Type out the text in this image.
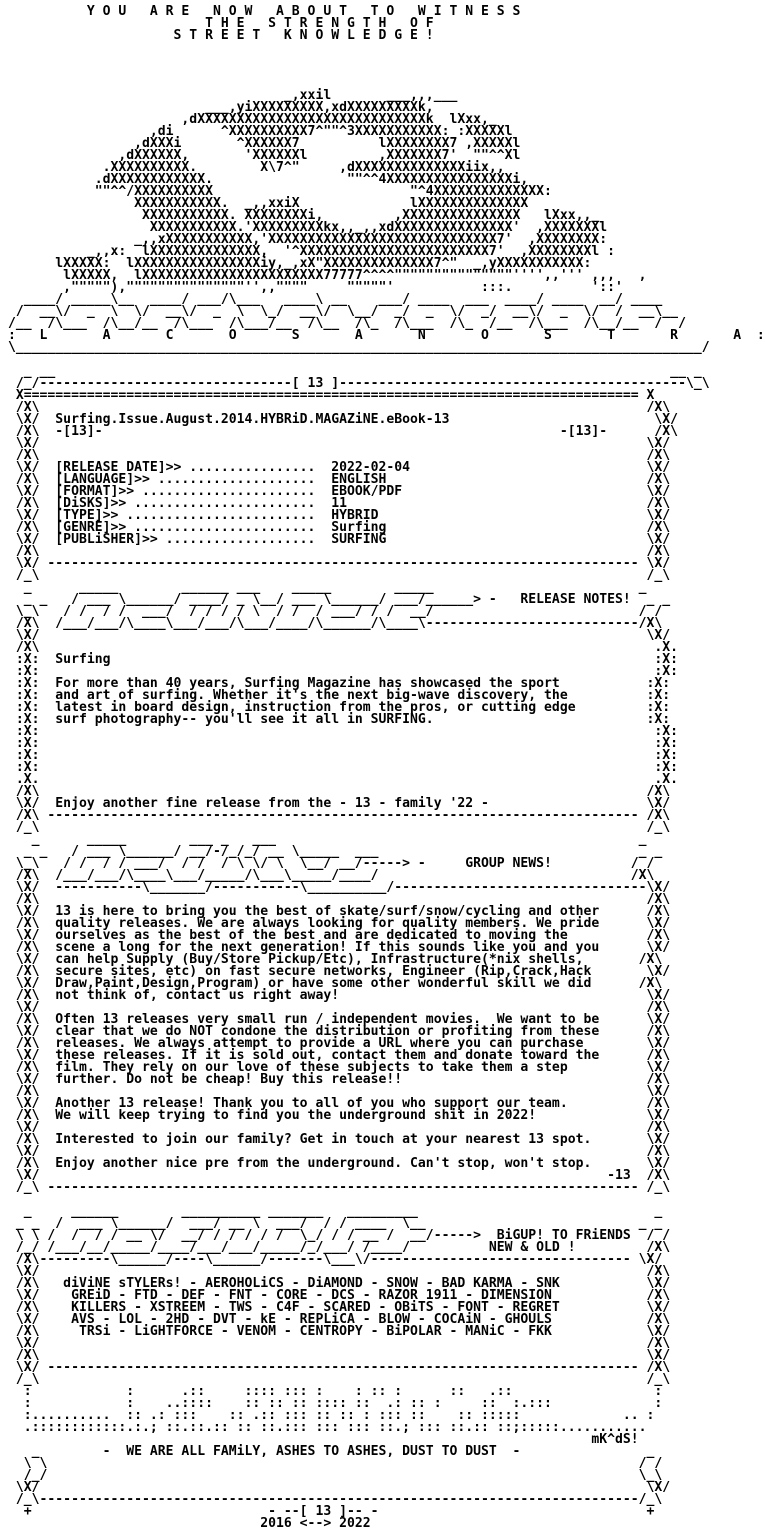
Y O U   A R E   N O W   A B O U T   T O   W I T N E S S
T H E   S T R E N G T H   O F
S T R E E T   K N O W L E D G E !

_,xxil       ___,,,___
___,yiXXXXXXXXX,xdXXXXXXXXXk,
,dXXXXXXXXXXXXXXXXXXXXXXXXXXXXXk  lXxx,_
,di      ^XXXXXXXXXX7^""^3XXXXXXXXXXX: :XXXXXl
,dXXXi       ^XXXXXX7          lXXXXXXXX7 ,XXXXXl
,dXXXXXX,       'XXXXXXl         ,XXXXXXX7'  ""^^Xl
.XXXXXXXXXX.        X\7^"     ,dXXXXXXXXXXXXXXiix,,
.dXXXXXXXXXXXX.                 ""^^4XXXXXXXXXXXXXXXXi,
""^^/XXXXXXXXXX                         "^4XXXXXXXXXXXXXX:
XXXXXXXXXXX.  _,,xxiX              lXXXXXXXXXXXXXX
XXXXXXXXXXX. XXXXXXXXi,         ,XXXXXXXXXXXXXXX   lXxx,,_
XXXXXXXXXXX.'XXXXXXXXXkx,,_,,xdXXXXXXXXXXXXXXX'  ,XXXXXXXl
_,,xXXXXXXXXXXX,'XXXXXXXXXXXXXXXXXXXXXXXXXXXXX7'  ,XXXXXXXX:
_,,x:  lXXXXXXXXXXXXXX,  '^XXXXXXXXXXXXXXXXXXXXXXXX7'  ,XXXXXXXXl :
lXXXXX:  lXXXXXXXXXXXXXXXXiy,_,xX"XXXXXXXXXXXXXX7^"  _,yXXXXXXXXXXX:
lXXXXX,  lXXXXXXXXXXXXXXXXXXXXXXX77777^^^^"""""""""""""""'''',,''' ,,,   ,
,"""""),"""""""""""""""'',,""""     """""'           :::.          '::'
____/ _____\__  ____/ ___/\___   ____\ __    ___/ ____  ___  ____/ ____  __/ ____
/  __\/  _  \  \/  __\/  _  \  \_/  __\/  \__/  _/  _  \/  _/  __\/  _  \/  /  __\__
/__  /\___  /\__/__  /\___  /\___/__  /\__  /\_  /\___  /\_  /__  /\___  /\__/__  /  /
:   L       A       C       O       S       A       N       O       S       T       R       A  :
\_______________________________________________________________________________________/

_ __                                                                              __ _
/_/--------------------------------[ 13 ]--------------------------------------------\_\
X============================================================================== X
/X\                                                                             /X\
\X/  Surfing.Issue.August.2014.HYBRiD.MAGAZiNE.eBook-13                          \X/
/X\  -[13]-                                                          -[13]-      /X\
\X/                                                                             \X/
/X\                                                                             /X\
\X/  [RELEASE DATE]>> ................  2022-02-04                              \X/
/X\  [LANGUAGE]>> ....................  ENGLISH                                 /X\
\X/  [FORMAT]>> ......................  EBOOK/PDF                               \X/
/X\  [DiSKS]>> .......................  11                                      /X\
\X/  [TYPE]>> ........................  HYBRID                                  \X/
/X\  [GENRE]>> .......................  Surfing                                 /X\
\X/  [PUBLiSHER]>> ...................  SURFING                                 \X/
/X\                                                                             /X\
\X/ --------------------------------------------------------------------------- \X/
/_\                                                                             /_\
_      _____        ______ ___    _____        _____                          _
_ _   / ___ \______/ ____/ _ \__/ ___ \______/ ___/______> -   RELEASE NOTES!  _ _
\_\   / /  / /  ___/  / / / / \  / /  / ___/ / /  __/                          / /
/X\  /___/___/\____\___/___/\___/____/\______/\____\---------------------------/X\
\X/                                                                             \X/
/X\                                                                              .X.
:X:  Surfing                                                                     :X:
:X:                                                                              :X:
:X:  For more than 40 years, Surfing Magazine has showcased the sport           :X:
:X:  and art of surfing. Whether it's the next big-wave discovery, the          :X:
:X:  latest in board design, instruction from the pros, or cutting edge         :X:
:X:  surf photography-- you'll see it all in SURFING.                           :X:
:X:                                                                              :X:
:X:                                                                              :X:
:X:                                                                              :X:
:X:                                                                              :X:
.X.                                                                              .X.
/X\                                                                             /X\
\X/  Enjoy another fine release from the - 13 - family '22 -                    \X/
/X\ --------------------------------------------------------------------------- /X\
/_\                                                                             /_\
_      _____        ___ _   ___                                              _
_ _   / ___ \______/ __/-/_/_/ __ \_____  ___                                 _ _
\_\   / /  / / ___/  / /  / \ \/ \  \__/ __/-----> -     GROUP NEWS!          / /
/X\  /___/___/\____\___/_____/\___\_____/____/                                /X\
\X/  -----------\_______/-----------\__________/--------------------------------\X/
/X\                                                                             /X\
\X/  13 is here to bring you the best of skate/surf/snow/cycling and other      /X\
/X\  quality releases. We are always looking for quality members. We pride      \X/
\X/  ourselves as the best of the best and are dedicated to moving the          /X\
/X\  scene a long for the next generation! If this sounds like you and you      \X/
\X/  can help Supply (Buy/Store Pickup/Etc), Infrastructure(*nix shells,       /X\
/X\  secure sites, etc) on fast secure networks, Engineer (Rip,Crack,Hack       \X/
\X/  Draw,Paint,Design,Program) or have some other wonderful skill we did      /X\
/X\  not think of, contact us right away!                                       \X/
\X/                                                                             /X\
/X\  Often 13 releases very small run / independent movies.  We want to be      \X/
\X/  clear that we do NOT condone the distribution or profiting from these      /X\
/X\  releases. We always attempt to provide a URL where you can purchase        \X/
\X/  these releases. If it is sold out, contact them and donate toward the      /X\
/X\  film. They rely on our love of these subjects to take them a step          \X/
\X/  further. Do not be cheap! Buy this release!!                               /X\
/X\                                                                             \X/
\X/  Another 13 release! Thank you to all of you who support our team.          /X\
/X\  We will keep trying to find you the underground shit in 2022!              \X/
\X/                                                                             /X\
/X\  Interested to join our family? Get in touch at your nearest 13 spot.       \X/
\X/                                                                             /X\
/X\  Enjoy another nice pre from the underground. Can't stop, won't stop.       \X/
\X/                                                                        -13  /X\
/_\ --------------------------------------------------------------------------- /_\

_     ______        __________ _______   _________                              _
_ _  /  ___ \______/  ___/ __ \  ___/  / / ____  \__                           _ _
\ \ /  /  / / __ \/  __/ / / / / /  \_/ / / __ /  __/----->  BiGUP! TO FRiENDS  / /
/_/ /___/__/_____/____/___/___/_____/_/___/ /____/          NEW & OLD !         /X\
/X\---------\______/----\______/-------\___\/--------------------------------- \X/
\X/                                                                             /X\
/X\   diViNE sTYLERs! - AEROHOLiCS - DiAMOND - SNOW - BAD KARMA - SNK           \X/
\X/    GREiD - FTD - DEF - FNT - CORE - DCS - RAZOR 1911 - DIMENSION            /X\
/X\    KILLERS - XSTREEM - TWS - C4F - SCARED - OBiTS - FONT - REGRET           \X/
\X/    AVS - LOL - 2HD - DVT - kE - REPLiCA - BLOW - COCAiN - GHOULS            /X\
/X\     TRSi - LiGHTFORCE - VENOM - CENTROPY - BiPOLAR - MANiC - FKK            \X/
\X/                                                                             /X\
/X\                                                                             \X/
\X/ --------------------------------------------------------------------------- /X\
/_\                                                                             /_\
:            :      .::     :::: ::: :    : :: :      ::   .::                  :
:            :    ..::::    :: :: :: :::: ::  .: :: :     ::  :.:::             :
:..........  :: .: :::    :: .:: ::: :: :: : ::: ::    :: :::::             .. :
.::::::::::::.:.; ::.::.:: :: ::.::: ::: ::: ::.; ::: ::.:: ::;:::::...........
mK^dS!
_        -  WE ARE ALL FAMiLY, ASHES TO ASHES, DUST TO DUST  -                _
\ \                                                                           / /
/_/                                                                           \_\
\X/                                                                             \X/
/_\----------------------------------------------------------------------------/_\
+                              - --[ 13 ]-- -                                  +
2016 <--> 2022
